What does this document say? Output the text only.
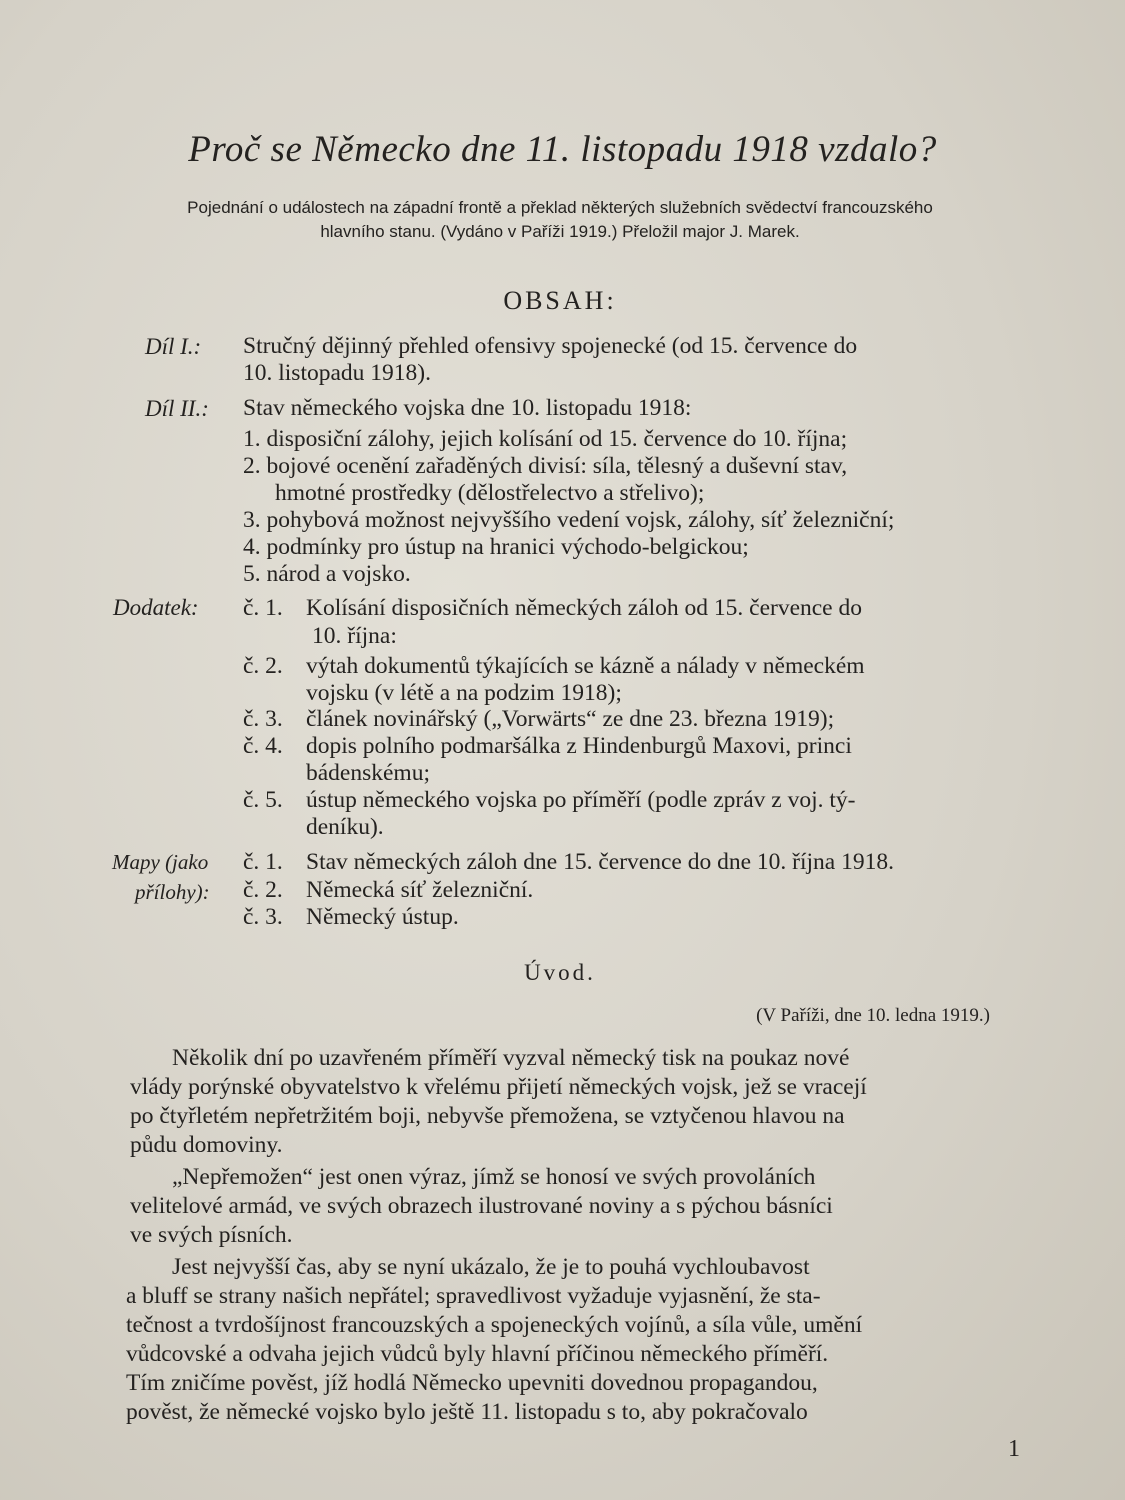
Proč se Německo dne 11. listopadu 1918 vzdalo?
Pojednání o událostech na západní frontě a překlad některých služebních svědectví francouzského
hlavního stanu. (Vydáno v Paříži 1919.) Přeložil major J. Marek.
OBSAH:
Díl I.: Stručný dějinný přehled ofensivy spojenecké (od 15. července do
10. listopadu 1918).
Díl II.: Stav německého vojska dne 10. listopadu 1918:
1. disposiční zálohy, jejich kolísání od 15. července do 10. října;
2. bojové ocenění zařaděných divisí: síla, tělesný a duševní stav,
hmotné prostředky (dělostřelectvo a střelivo);
3. pohybová možnost nejvyššího vedení vojsk, zálohy, síť železniční;
4. podmínky pro ústup na hranici východo-belgickou;
5. národ a vojsko.
Dodatek: č. 1. Kolísání disposičních německých záloh od 15. července do
10. října:
č. 2. výtah dokumentů týkajících se kázně a nálady v německém
vojsku (v létě a na podzim 1918);
č. 3. článek novinářský („Vorwärts“ ze dne 23. března 1919);
č. 4. dopis polního podmaršálka z Hindenburgů Maxovi, princi
bádenskému;
č. 5. ústup německého vojska po příměří (podle zpráv z voj. tý-
deníku).
Mapy (jako
přílohy):
č. 1. Stav německých záloh dne 15. července do dne 10. října 1918.
č. 2. Německá síť železniční.
č. 3. Německý ústup.
Úvod.
(V Paříži, dne 10. ledna 1919.)
Několik dní po uzavřeném příměří vyzval německý tisk na poukaz nové
vlády porýnské obyvatelstvo k vřelému přijetí německých vojsk, jež se vracejí
po čtyřletém nepřetržitém boji, nebyvše přemožena, se vztyčenou hlavou na
půdu domoviny.
„Nepřemožen“ jest onen výraz, jímž se honosí ve svých provoláních
velitelové armád, ve svých obrazech ilustrované noviny a s pýchou básníci
ve svých písních.
Jest nejvyšší čas, aby se nyní ukázalo, že je to pouhá vychloubavost
a bluff se strany našich nepřátel; spravedlivost vyžaduje vyjasnění, že sta-
tečnost a tvrdošíjnost francouzských a spojeneckých vojínů, a síla vůle, umění
vůdcovské a odvaha jejich vůdců byly hlavní příčinou německého příměří.
Tím zničíme pověst, jíž hodlá Německo upevniti dovednou propagandou,
pověst, že německé vojsko bylo ještě 11. listopadu s to, aby pokračovalo
1
